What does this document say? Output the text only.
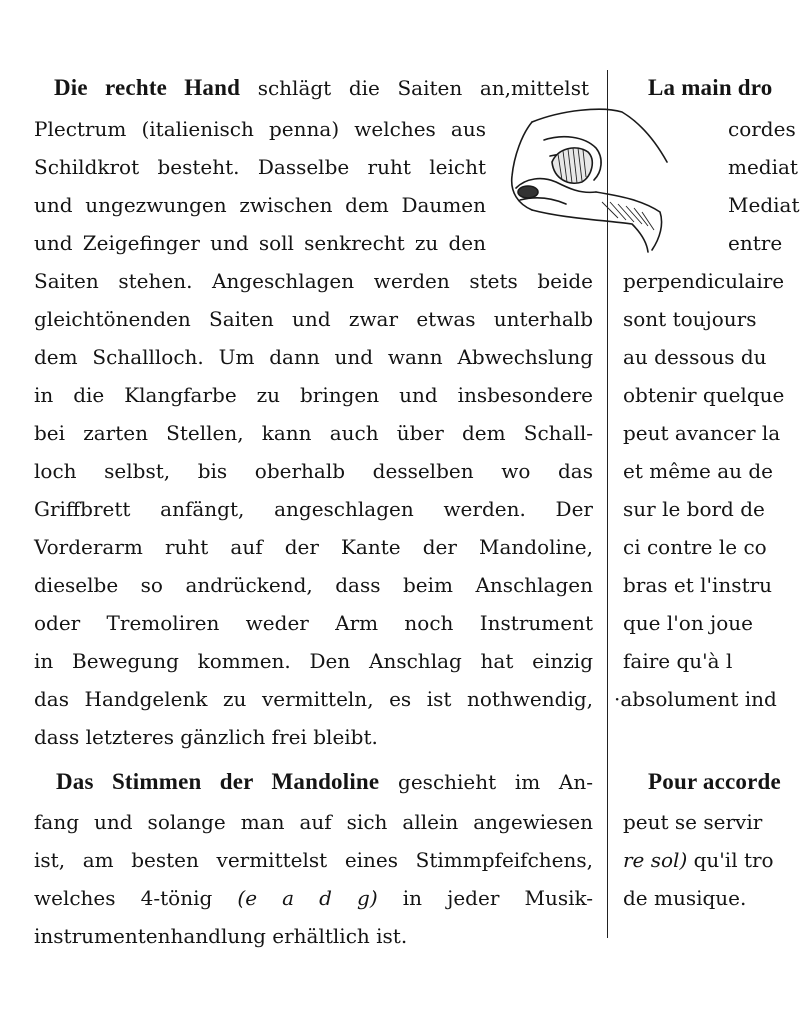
Die rechte Hand schlägt die Saiten an,mittelst
Plectrum (italienisch penna) welches aus
Schildkrot besteht. Dasselbe ruht leicht
und ungezwungen zwischen dem Daumen
und Zeigefinger und soll senkrecht zu den
Saiten stehen. Angeschlagen werden stets beide
gleichtönenden Saiten und zwar etwas unterhalb
dem Schallloch. Um dann und wann Abwechslung
in die Klangfarbe zu bringen und insbesondere
bei zarten Stellen, kann auch über dem Schall-
loch selbst, bis oberhalb desselben wo das
Griffbrett anfängt, angeschlagen werden. Der
Vorderarm ruht auf der Kante der Mandoline,
dieselbe so andrückend, dass beim Anschlagen
oder Tremoliren weder Arm noch Instrument
in Bewegung kommen. Den Anschlag hat einzig
das Handgelenk zu vermitteln, es ist nothwendig,
dass letzteres gänzlich frei bleibt.
Das Stimmen der Mandoline geschieht im An-
fang und solange man auf sich allein angewiesen
ist, am besten vermittelst eines Stimmpfeifchens,
welches 4-tönig (e a d g) in jeder Musik-
instrumentenhandlung erhältlich ist.
La main dro
cordes
mediat
Mediat
entre
perpendiculaire
sont toujours
au dessous du
obtenir quelque
peut avancer la
et même au de
sur le bord de
ci contre le co
bras et l'instru
que l'on joue
faire qu'à l
·absolument ind
Pour accorde
peut se servir
re sol) qu'il tro
de musique.
